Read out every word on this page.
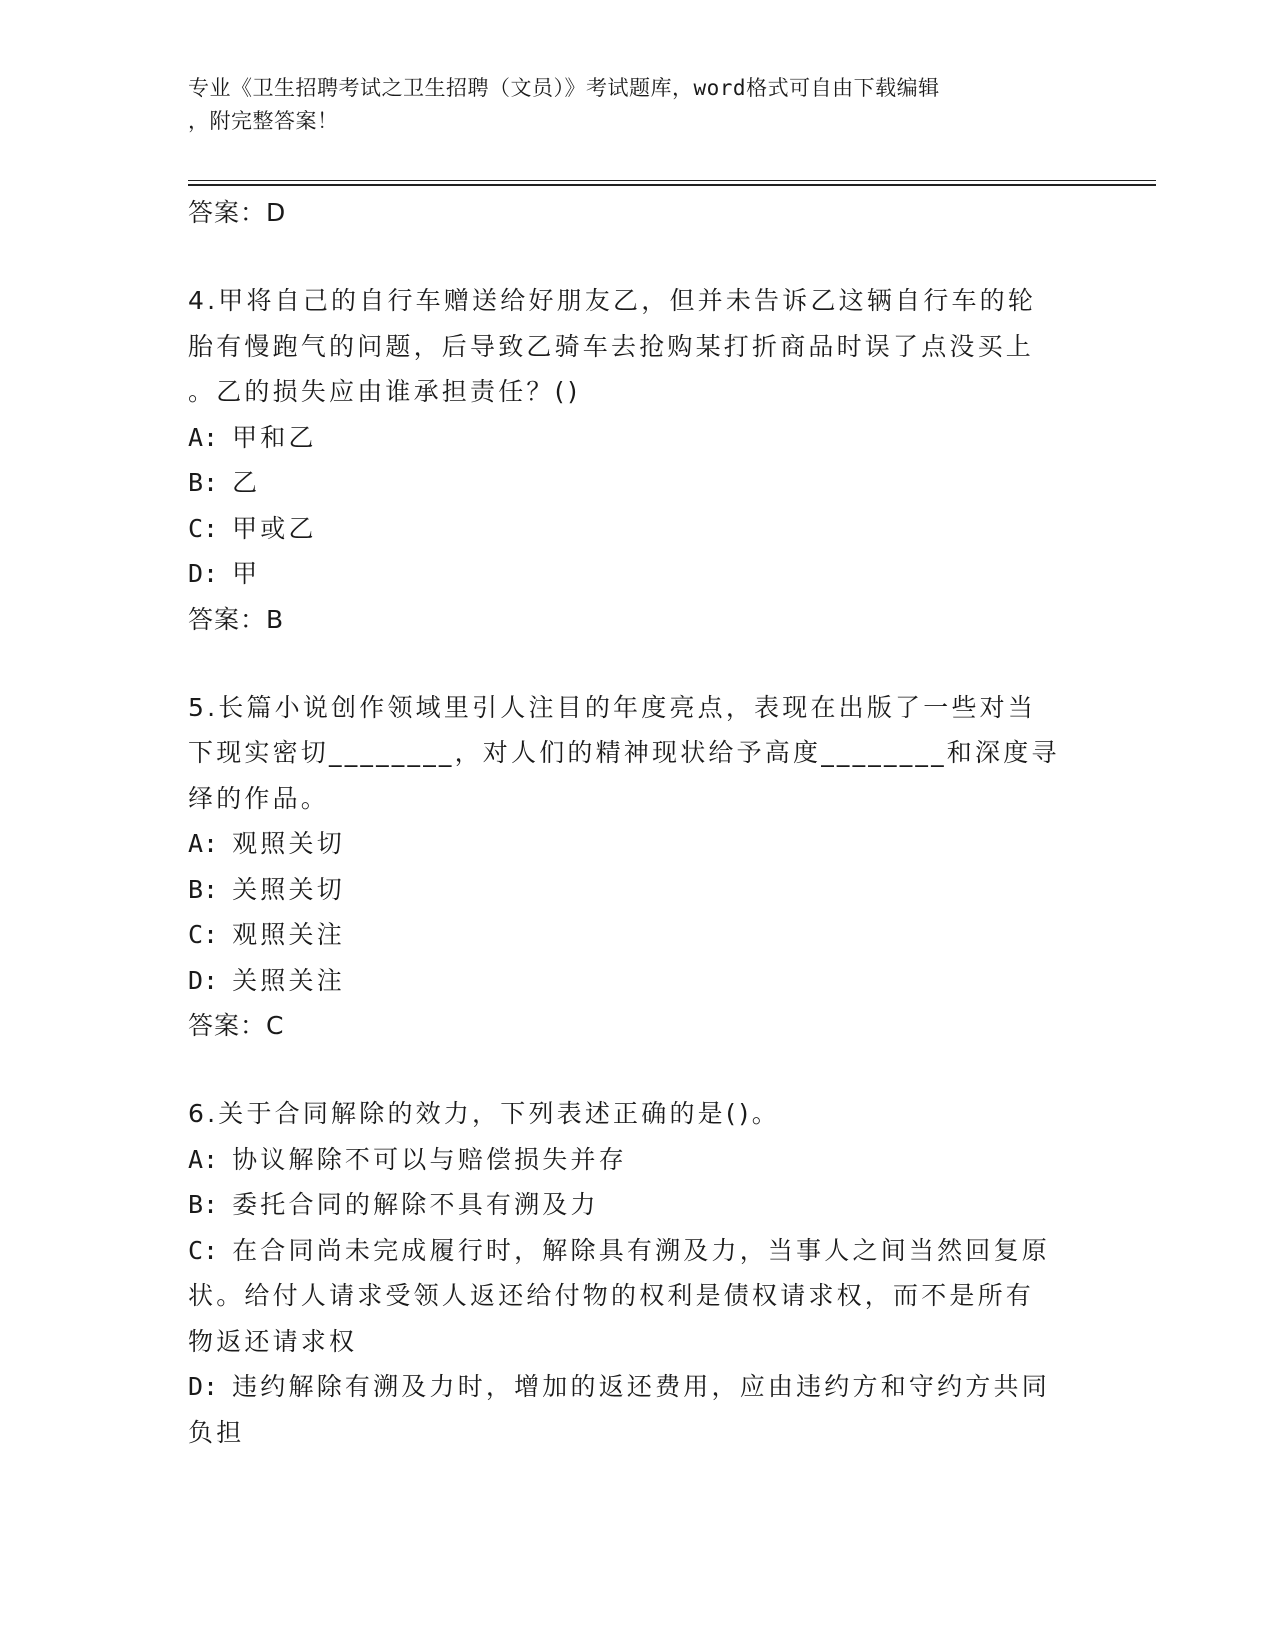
专业《卫生招聘考试之卫生招聘（文员）》考试题库，word格式可自由下载编辑
，附完整答案！
答案：D
4.甲将自己的自行车赠送给好朋友乙，但并未告诉乙这辆自行车的轮
胎有慢跑气的问题，后导致乙骑车去抢购某打折商品时误了点没买上
。乙的损失应由谁承担责任？()
A: 甲和乙
B: 乙
C: 甲或乙
D: 甲
答案：B
5.长篇小说创作领域里引人注目的年度亮点，表现在出版了一些对当
下现实密切________，对人们的精神现状给予高度________和深度寻
绎的作品。
A: 观照关切
B: 关照关切
C: 观照关注
D: 关照关注
答案：C
6.关于合同解除的效力，下列表述正确的是()。
A: 协议解除不可以与赔偿损失并存
B: 委托合同的解除不具有溯及力
C: 在合同尚未完成履行时，解除具有溯及力，当事人之间当然回复原
状。给付人请求受领人返还给付物的权利是债权请求权，而不是所有
物返还请求权
D: 违约解除有溯及力时，增加的返还费用，应由违约方和守约方共同
负担
